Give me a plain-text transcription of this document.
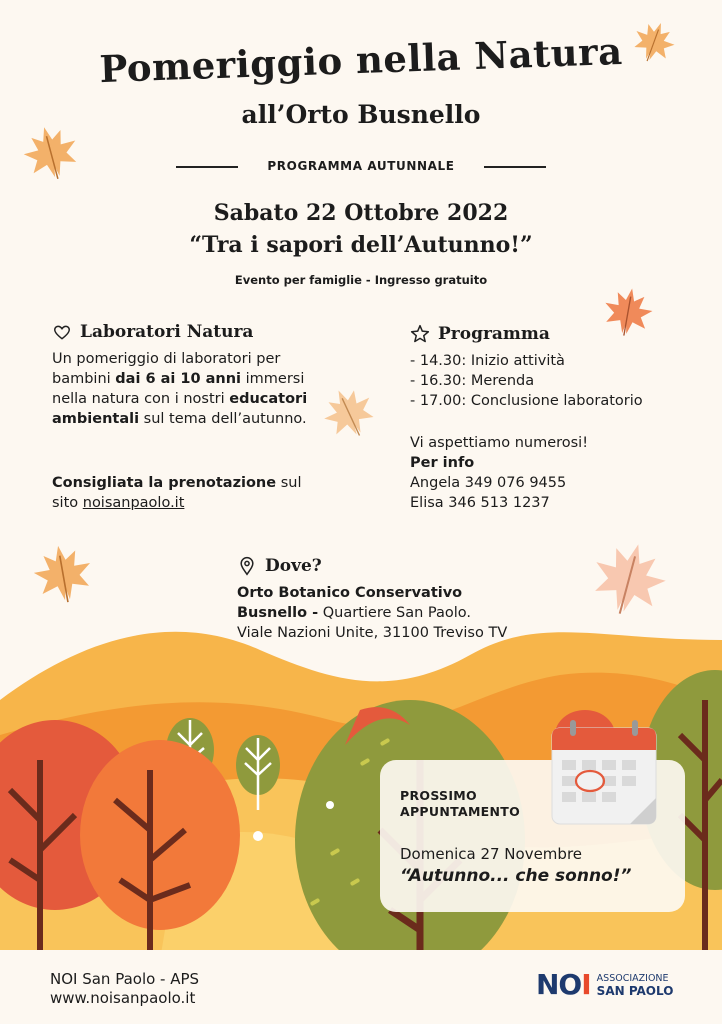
Pomeriggio nella Natura
all’Orto Busnello
PROGRAMMA AUTUNNALE
Sabato 22 Ottobre 2022
“Tra i sapori dell’Autunno!”
Evento per famiglie - Ingresso gratuito
Laboratori Natura
Un pomeriggio di laboratori per bambini dai 6 ai 10 anni immersi nella natura con i nostri educatori ambientali sul tema dell’autunno.
Consigliata la prenotazione sul sito noisanpaolo.it
Programma
- 14.30: Inizio attività
- 16.30: Merenda
- 17.00: Conclusione laboratorio
Vi aspettiamo numerosi!
Per info
Angela 349 076 9455
Elisa 346 513 1237
Dove?
Orto Botanico Conservativo
Busnello - Quartiere San Paolo.
Viale Nazioni Unite, 31100 Treviso TV
PROSSIMO
APPUNTAMENTO
Domenica 27 Novembre
“Autunno... che sonno!”
NOI San Paolo - APS
www.noisanpaolo.it	NOI ASSOCIAZIONE
SAN PAOLO
